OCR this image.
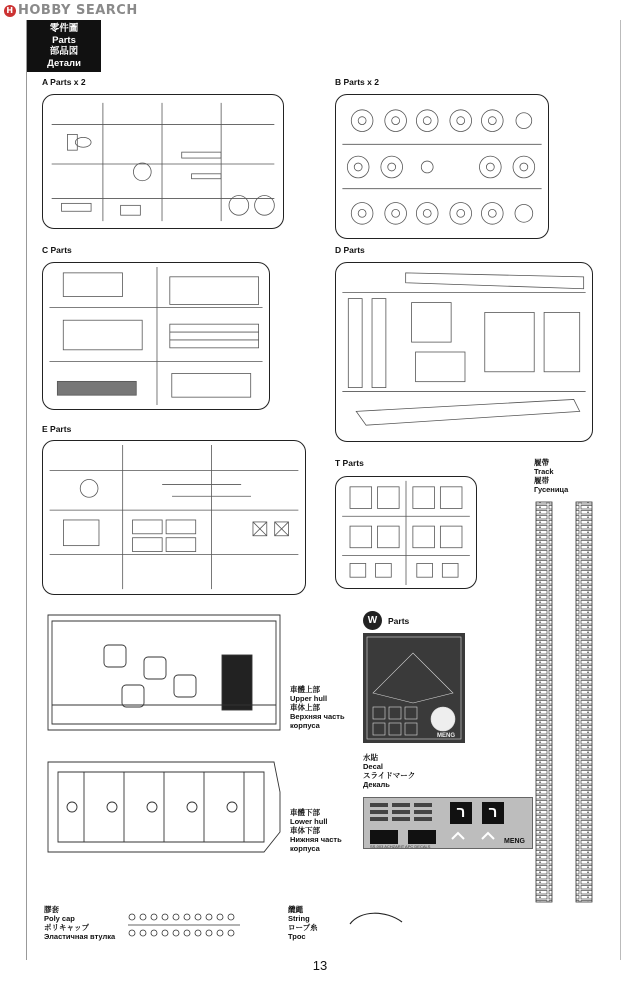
H HOBBY SEARCH
零件圖
Parts
部品図
Детали
A Parts x 2	B Parts x 2
C Parts	D Parts
E Parts
T Parts	履帶
Track
履帯
Гусеница
車體上部
Upper hull
車体上部
Верхняя часть
корпуса
車體下部
Lower hull
車体下部
Нижняя часть
корпуса
W	Parts
MENG
水貼
Decal
スライドマーク
Декаль
ר	ר
SS-003 ACHZARIT APC DECALS
MENG
膠套
Poly cap
ポリキャップ
Эластичная втулка
纜繩
String
ロープ糸
Трос
13
